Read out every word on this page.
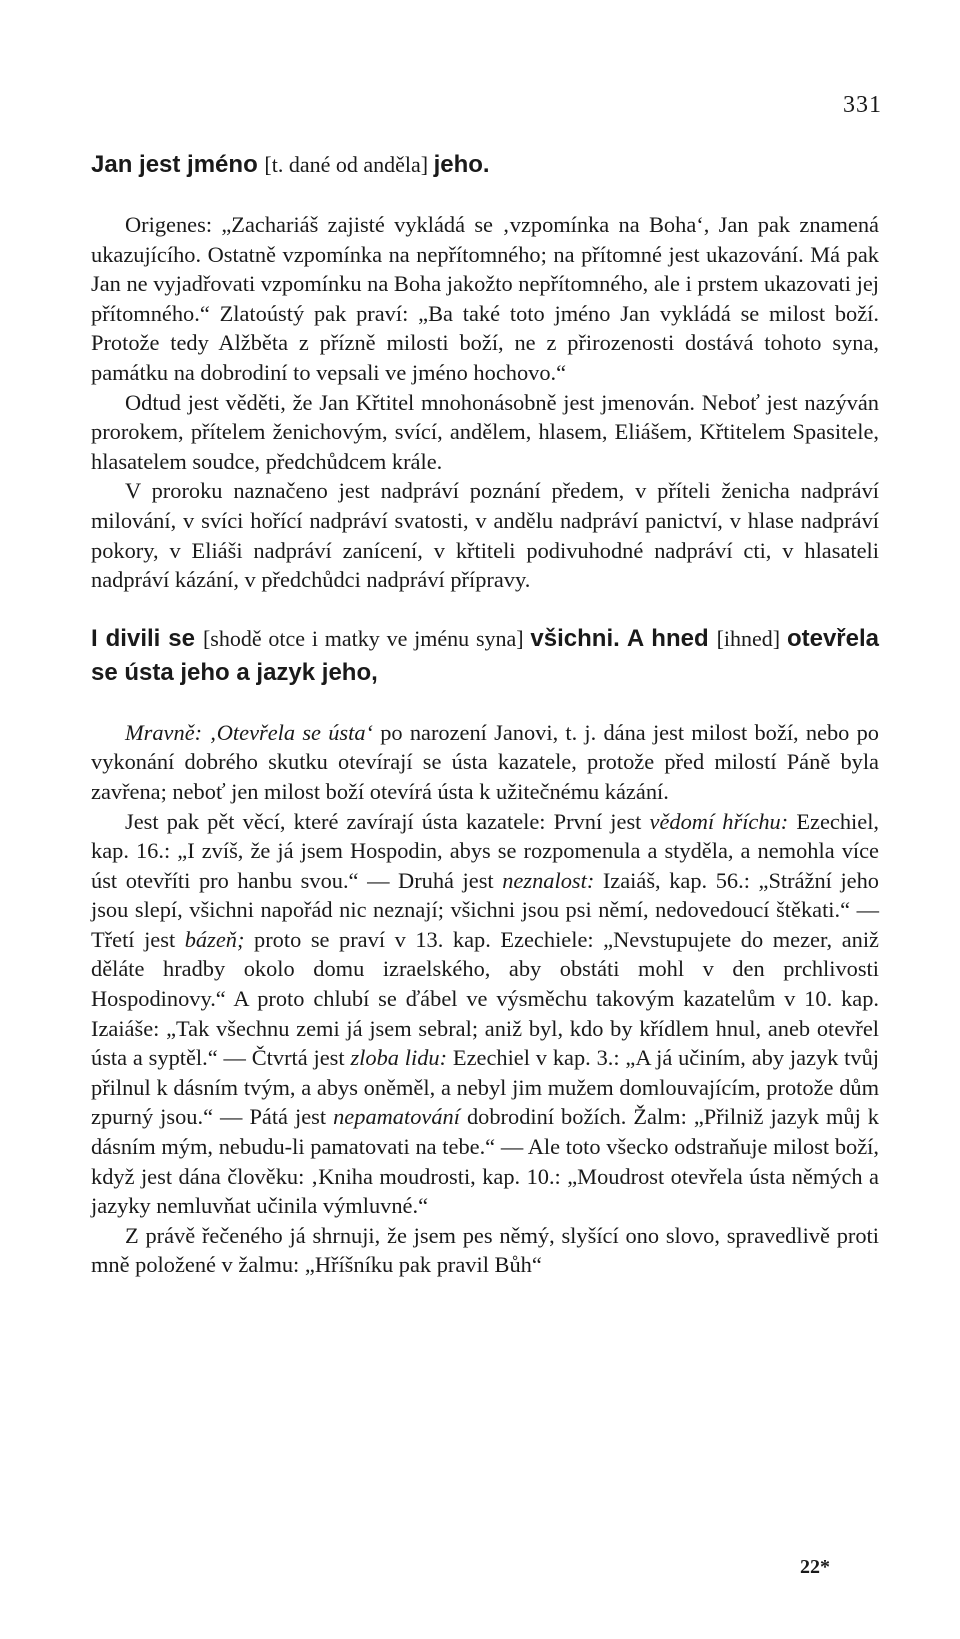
331

Jan jest jméno [t. dané od anděla] jeho.

Origenes: „Zachariáš zajisté vykládá se ‚vzpomínka na Boha‘, Jan pak znamená ukazujícího. Ostatně vzpomínka na nepřítomného; na přítomné jest ukazování. Má pak Jan ne vyjadřovati vzpomínku na Boha jakožto nepřítomného, ale i prstem ukazovati jej přítomného.“ Zlatoústý pak praví: „Ba také toto jméno Jan vykládá se milost boží. Protože tedy Alžběta z přízně milosti boží, ne z přirozenosti dostává tohoto syna, památku na dobrodiní to vepsali ve jméno hochovo.“

Odtud jest věděti, že Jan Křtitel mnohonásobně jest jmenován. Neboť jest nazýván prorokem, přítelem ženichovým, svící, andělem, hlasem, Eliášem, Křtitelem Spasitele, hlasatelem soudce, předchůdcem krále.

V proroku naznačeno jest nadpráví poznání předem, v příteli ženicha nadpráví milování, v svíci hořící nadpráví svatosti, v andělu nadpráví panictví, v hlase nadpráví pokory, v Eliáši nadpráví zanícení, v křtiteli podivuhodné nadpráví cti, v hlasateli nadpráví kázání, v předchůdci nadpráví přípravy.

I divili se [shodě otce i matky ve jménu syna] všichni. A hned [ihned] otevřela se ústa jeho a jazyk jeho,

Mravně: ‚Otevřela se ústa‘ po narození Janovi, t. j. dána jest milost boží, nebo po vykonání dobrého skutku otevírají se ústa kazatele, protože před milostí Páně byla zavřena; neboť jen milost boží otevírá ústa k užitečnému kázání.

Jest pak pět věcí, které zavírají ústa kazatele: První jest vědomí hříchu: Ezechiel, kap. 16.: „I zvíš, že já jsem Hospodin, abys se rozpomenula a styděla, a nemohla více úst otevříti pro hanbu svou.“ — Druhá jest neznalost: Izaiáš, kap. 56.: „Strážní jeho jsou slepí, všichni napořád nic neznají; všichni jsou psi němí, nedovedoucí štěkati.“ — Třetí jest bázeň; proto se praví v 13. kap. Ezechiele: „Nevstupujete do mezer, aniž děláte hradby okolo domu izraelského, aby obstáti mohl v den prchlivosti Hospodinovy.“ A proto chlubí se ďábel ve výsměchu takovým kazatelům v 10. kap. Izaiáše: „Tak všechnu zemi já jsem sebral; aniž byl, kdo by křídlem hnul, aneb otevřel ústa a syptěl.“ — Čtvrtá jest zloba lidu: Ezechiel v kap. 3.: „A já učiním, aby jazyk tvůj přilnul k dásním tvým, a abys oněměl, a nebyl jim mužem domlouvajícím, protože dům zpurný jsou.“ — Pátá jest nepamatování dobrodiní božích. Žalm: „Přilniž jazyk můj k dásním mým, nebudu-li pamatovati na tebe.“ — Ale toto všecko odstraňuje milost boží, když jest dána člověku: ‚Kniha moudrosti, kap. 10.: „Moudrost otevřela ústa němých a jazyky nemluvňat učinila výmluvné.“

Z právě řečeného já shrnuji, že jsem pes němý, slyšící ono slovo, spravedlivě proti mně položené v žalmu: „Hříšníku pak pravil Bůh“

22*
